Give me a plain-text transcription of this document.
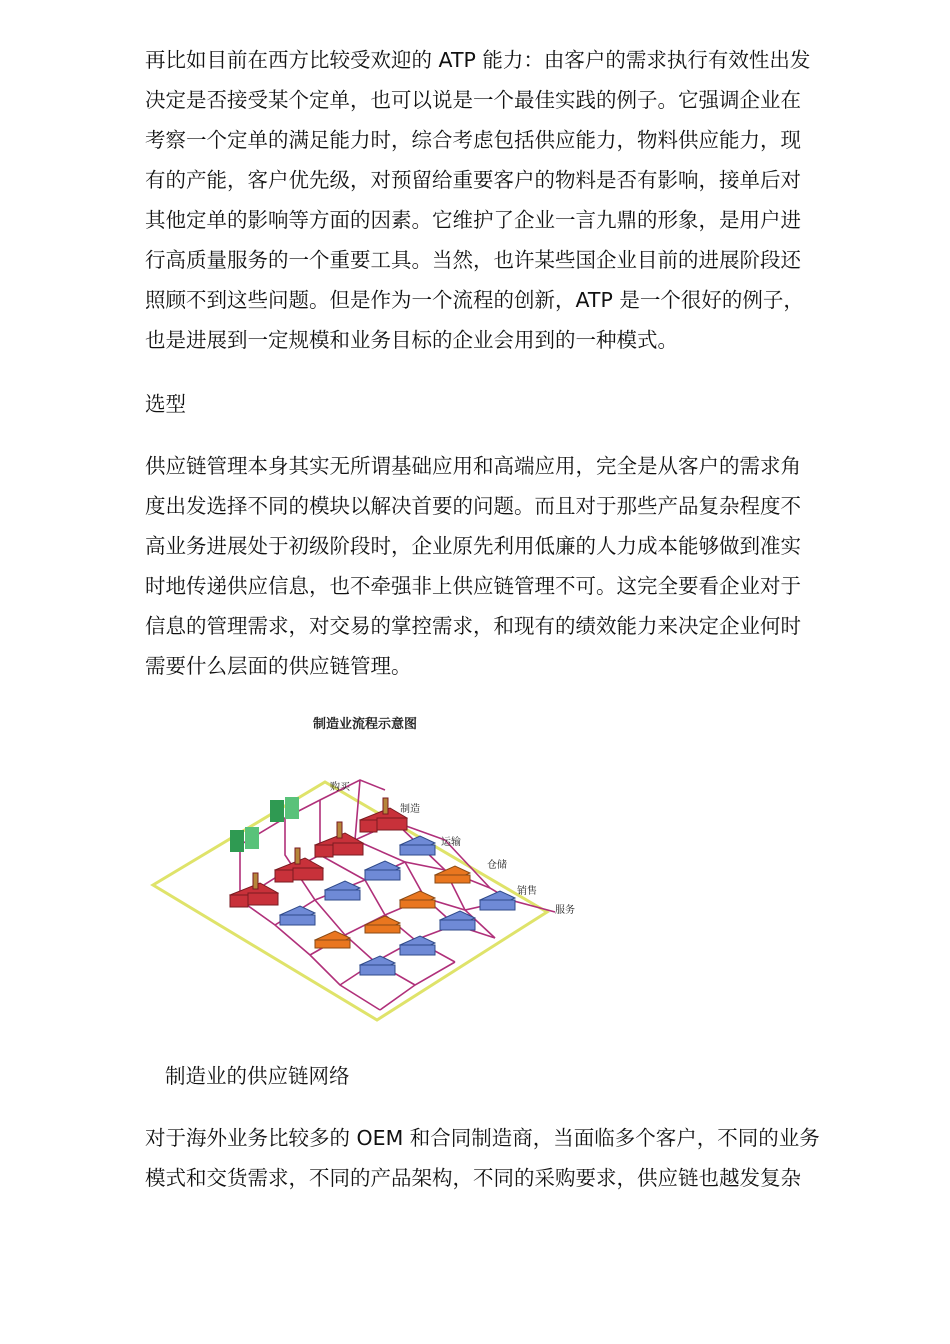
再比如目前在西方比较受欢迎的 ATP 能力：由客户的需求执行有效性出发
决定是否接受某个定单，也可以说是一个最佳实践的例子。它强调企业在
考察一个定单的满足能力时，综合考虑包括供应能力，物料供应能力，现
有的产能，客户优先级，对预留给重要客户的物料是否有影响，接单后对
其他定单的影响等方面的因素。它维护了企业一言九鼎的形象，是用户进
行高质量服务的一个重要工具。当然，也许某些国企业目前的进展阶段还
照顾不到这些问题。但是作为一个流程的创新，ATP 是一个很好的例子，
也是进展到一定规模和业务目标的企业会用到的一种模式。
选型
供应链管理本身其实无所谓基础应用和高端应用，完全是从客户的需求角
度出发选择不同的模块以解决首要的问题。而且对于那些产品复杂程度不
高业务进展处于初级阶段时，企业原先利用低廉的人力成本能够做到准实
时地传递供应信息，也不牵强非上供应链管理不可。这完全要看企业对于
信息的管理需求，对交易的掌控需求，和现有的绩效能力来决定企业何时
需要什么层面的供应链管理。
制造业流程示意图
购买
制造
运输
仓储
销售
服务
制造业的供应链网络
对于海外业务比较多的 OEM 和合同制造商，当面临多个客户，不同的业务
模式和交货需求，不同的产品架构，不同的采购要求，供应链也越发复杂
